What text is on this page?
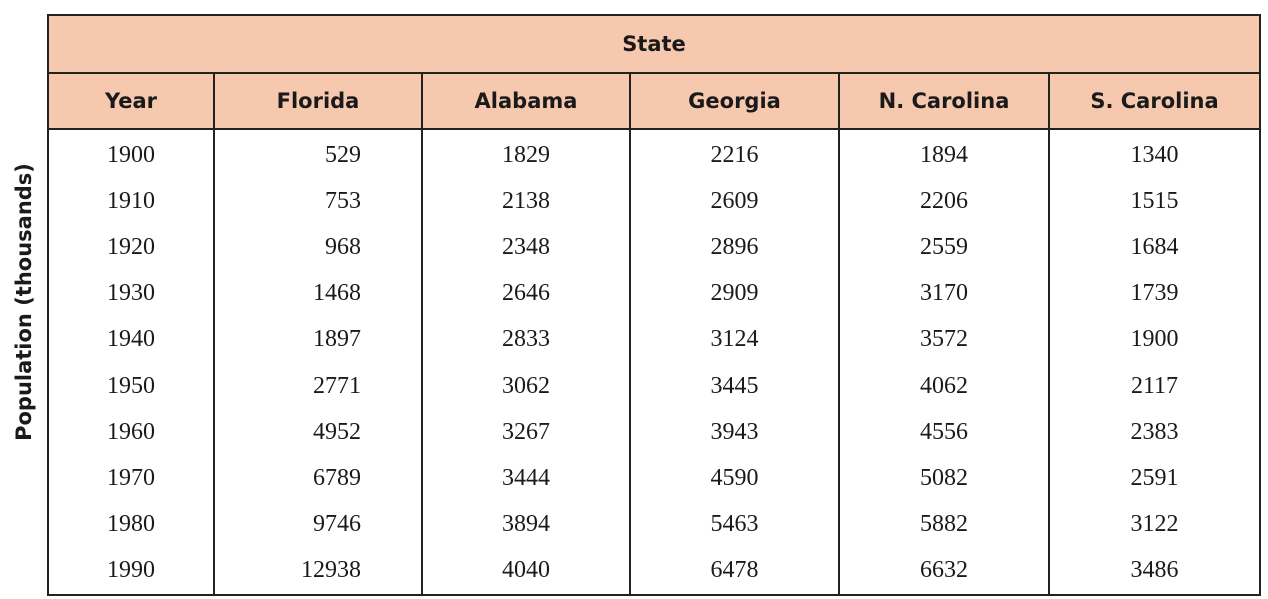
Population (thousands)
State					
Year	Florida	Alabama	Georgia	N. Carolina	S. Carolina
1900	529	1829	2216	1894	1340
1910	753	2138	2609	2206	1515
1920	968	2348	2896	2559	1684
1930	1468	2646	2909	3170	1739
1940	1897	2833	3124	3572	1900
1950	2771	3062	3445	4062	2117
1960	4952	3267	3943	4556	2383
1970	6789	3444	4590	5082	2591
1980	9746	3894	5463	5882	3122
1990	12938	4040	6478	6632	3486
